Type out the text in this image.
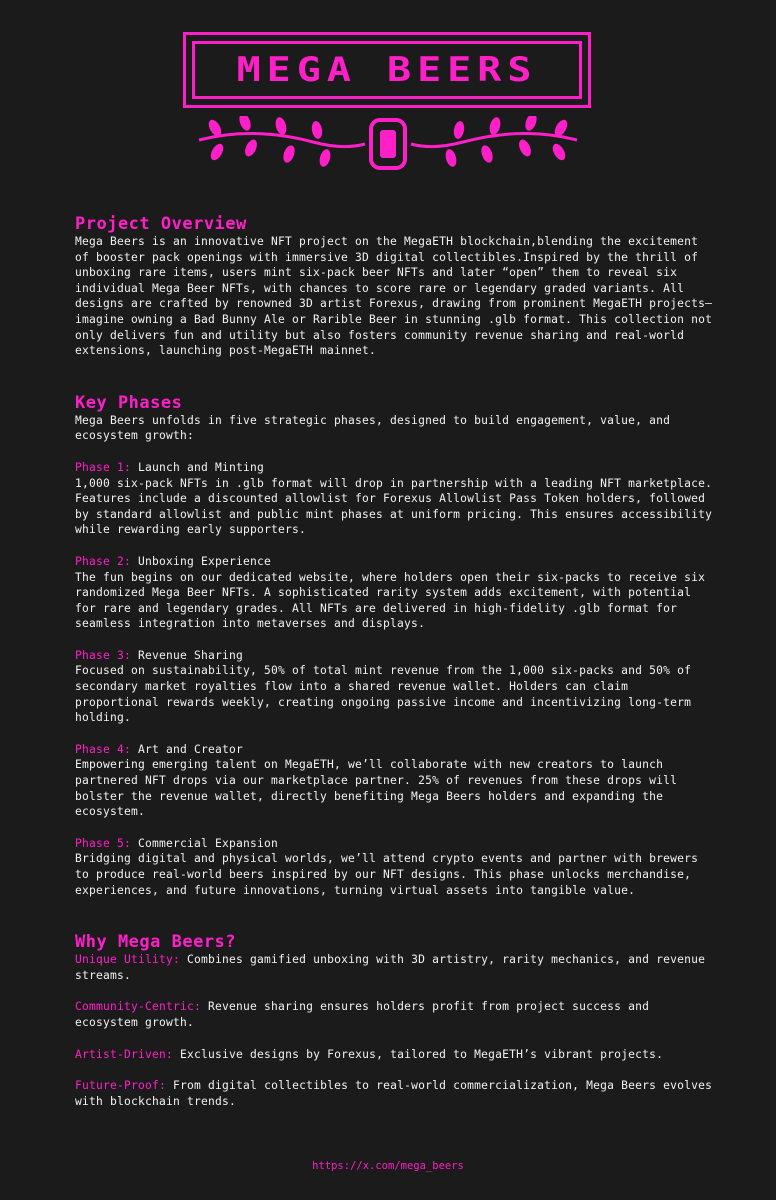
MEGA BEERS
Project Overview

Mega Beers is an innovative NFT project on the MegaETH blockchain,blending the excitement of booster pack openings with immersive 3D digital collectibles.Inspired by the thrill of unboxing rare items, users mint six-pack beer NFTs and later “open” them to reveal six individual Mega Beer NFTs, with chances to score rare or legendary graded variants. All designs are crafted by renowned 3D artist Forexus, drawing from prominent MegaETH projects—imagine owning a Bad Bunny Ale or Rarible Beer in stunning .glb format. This collection not only delivers fun and utility but also fosters community revenue sharing and real-world extensions, launching post-MegaETH mainnet.

Key Phases

Mega Beers unfolds in five strategic phases, designed to build engagement, value, and ecosystem growth:

Phase 1: Launch and Minting

1,000 six-pack NFTs in .glb format will drop in partnership with a leading NFT marketplace. Features include a discounted allowlist for Forexus Allowlist Pass Token holders, followed by standard allowlist and public mint phases at uniform pricing. This ensures accessibility while rewarding early supporters.

Phase 2: Unboxing Experience

The fun begins on our dedicated website, where holders open their six-packs to receive six randomized Mega Beer NFTs. A sophisticated rarity system adds excitement, with potential for rare and legendary grades. All NFTs are delivered in high-fidelity .glb format for seamless integration into metaverses and displays.

Phase 3: Revenue Sharing

Focused on sustainability, 50% of total mint revenue from the 1,000 six-packs and 50% of secondary market royalties flow into a shared revenue wallet. Holders can claim proportional rewards weekly, creating ongoing passive income and incentivizing long-term holding.

Phase 4: Art and Creator

Empowering emerging talent on MegaETH, we’ll collaborate with new creators to launch partnered NFT drops via our marketplace partner. 25% of revenues from these drops will bolster the revenue wallet, directly benefiting Mega Beers holders and expanding the ecosystem.

Phase 5: Commercial Expansion

Bridging digital and physical worlds, we’ll attend crypto events and partner with brewers to produce real-world beers inspired by our NFT designs. This phase unlocks merchandise, experiences, and future innovations, turning virtual assets into tangible value.

Why Mega Beers?

Unique Utility: Combines gamified unboxing with 3D artistry, rarity mechanics, and revenue streams.

Community-Centric: Revenue sharing ensures holders profit from project success and ecosystem growth.

Artist-Driven: Exclusive designs by Forexus, tailored to MegaETH’s vibrant projects.

Future-Proof: From digital collectibles to real-world commercialization, Mega Beers evolves with blockchain trends.

https://x.com/mega_beers
